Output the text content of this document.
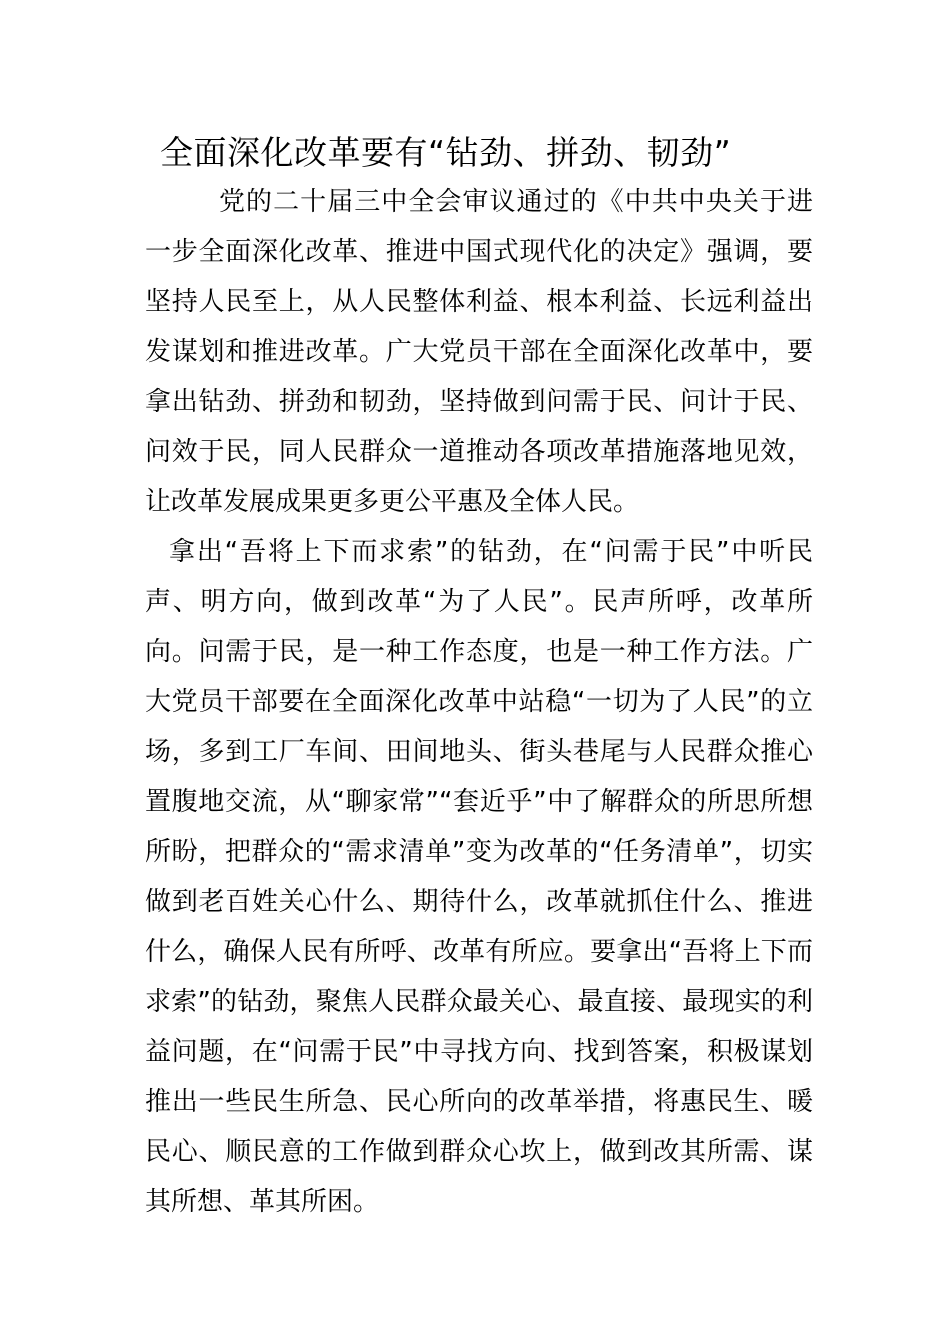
全面深化改革要有“钻劲、拼劲、韧劲”

党的二十届三中全会审议通过的《中共中央关于进一步全面深化改革、推进中国式现代化的决定》强调，要坚持人民至上，从人民整体利益、根本利益、长远利益出发谋划和推进改革。广大党员干部在全面深化改革中，要拿出钻劲、拼劲和韧劲，坚持做到问需于民、问计于民、问效于民，同人民群众一道推动各项改革措施落地见效，让改革发展成果更多更公平惠及全体人民。

拿出“吾将上下而求索”的钻劲，在“问需于民”中听民声、明方向，做到改革“为了人民”。民声所呼，改革所向。问需于民，是一种工作态度，也是一种工作方法。广大党员干部要在全面深化改革中站稳“一切为了人民”的立场，多到工厂车间、田间地头、街头巷尾与人民群众推心置腹地交流，从“聊家常”“套近乎”中了解群众的所思所想所盼，把群众的“需求清单”变为改革的“任务清单”，切实做到老百姓关心什么、期待什么，改革就抓住什么、推进什么，确保人民有所呼、改革有所应。要拿出“吾将上下而求索”的钻劲，聚焦人民群众最关心、最直接、最现实的利益问题，在“问需于民”中寻找方向、找到答案，积极谋划推出一些民生所急、民心所向的改革举措，将惠民生、暖民心、顺民意的工作做到群众心坎上，做到改其所需、谋其所想、革其所困。
